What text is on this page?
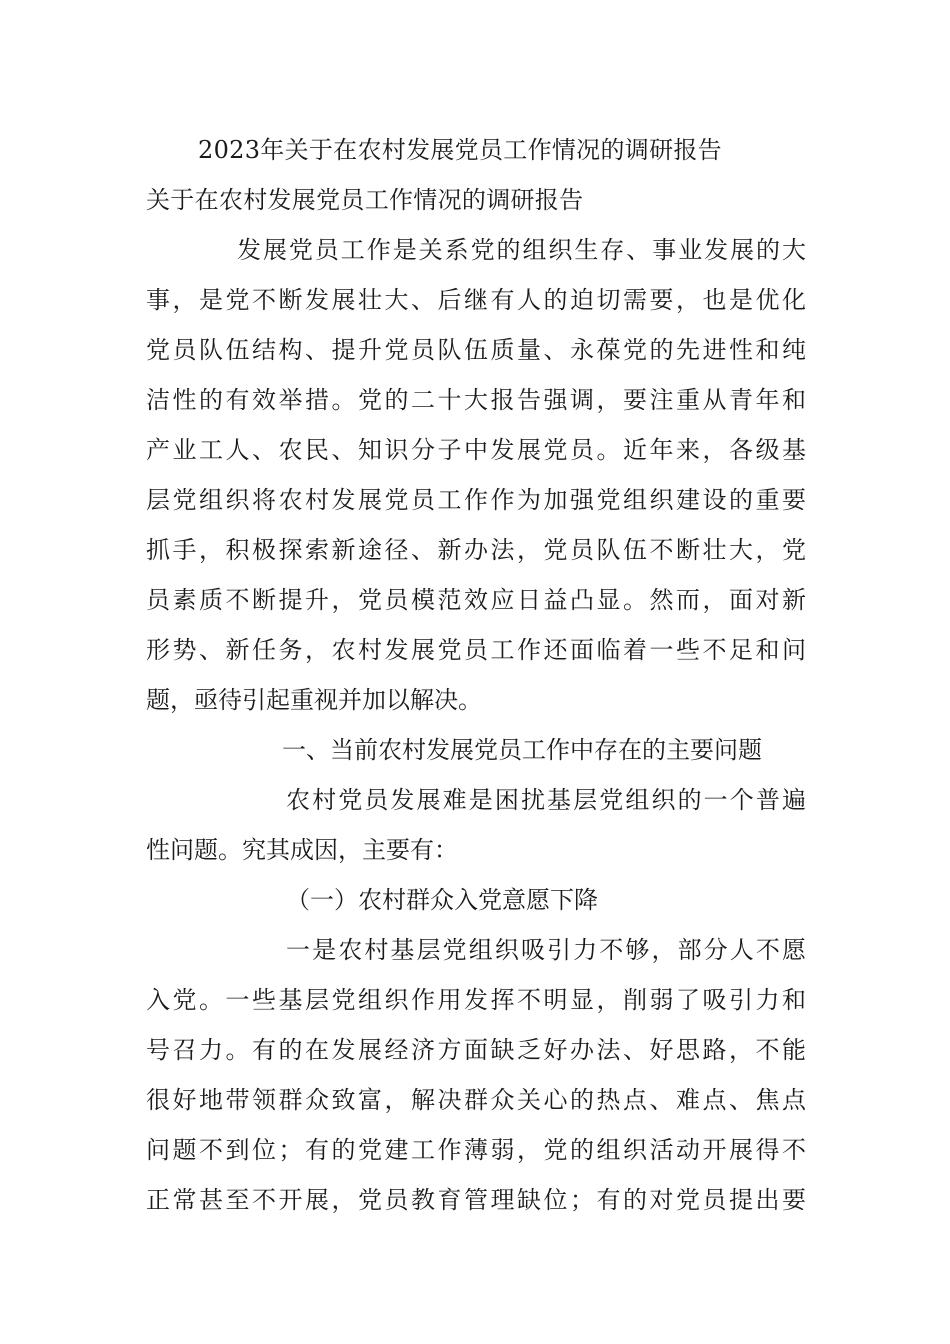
2023年关于在农村发展党员工作情况的调研报告
关于在农村发展党员工作情况的调研报告
发展党员工作是关系党的组织生存、事业发展的大
事，是党不断发展壮大、后继有人的迫切需要，也是优化
党员队伍结构、提升党员队伍质量、永葆党的先进性和纯
洁性的有效举措。党的二十大报告强调，要注重从青年和
产业工人、农民、知识分子中发展党员。近年来，各级基
层党组织将农村发展党员工作作为加强党组织建设的重要
抓手，积极探索新途径、新办法，党员队伍不断壮大，党
员素质不断提升，党员模范效应日益凸显。然而，面对新
形势、新任务，农村发展党员工作还面临着一些不足和问
题，亟待引起重视并加以解决。
一、当前农村发展党员工作中存在的主要问题
农村党员发展难是困扰基层党组织的一个普遍
性问题。究其成因，主要有：
（一）农村群众入党意愿下降
一是农村基层党组织吸引力不够，部分人不愿
入党。一些基层党组织作用发挥不明显，削弱了吸引力和
号召力。有的在发展经济方面缺乏好办法、好思路，不能
很好地带领群众致富，解决群众关心的热点、难点、焦点
问题不到位；有的党建工作薄弱，党的组织活动开展得不
正常甚至不开展，党员教育管理缺位；有的对党员提出要
